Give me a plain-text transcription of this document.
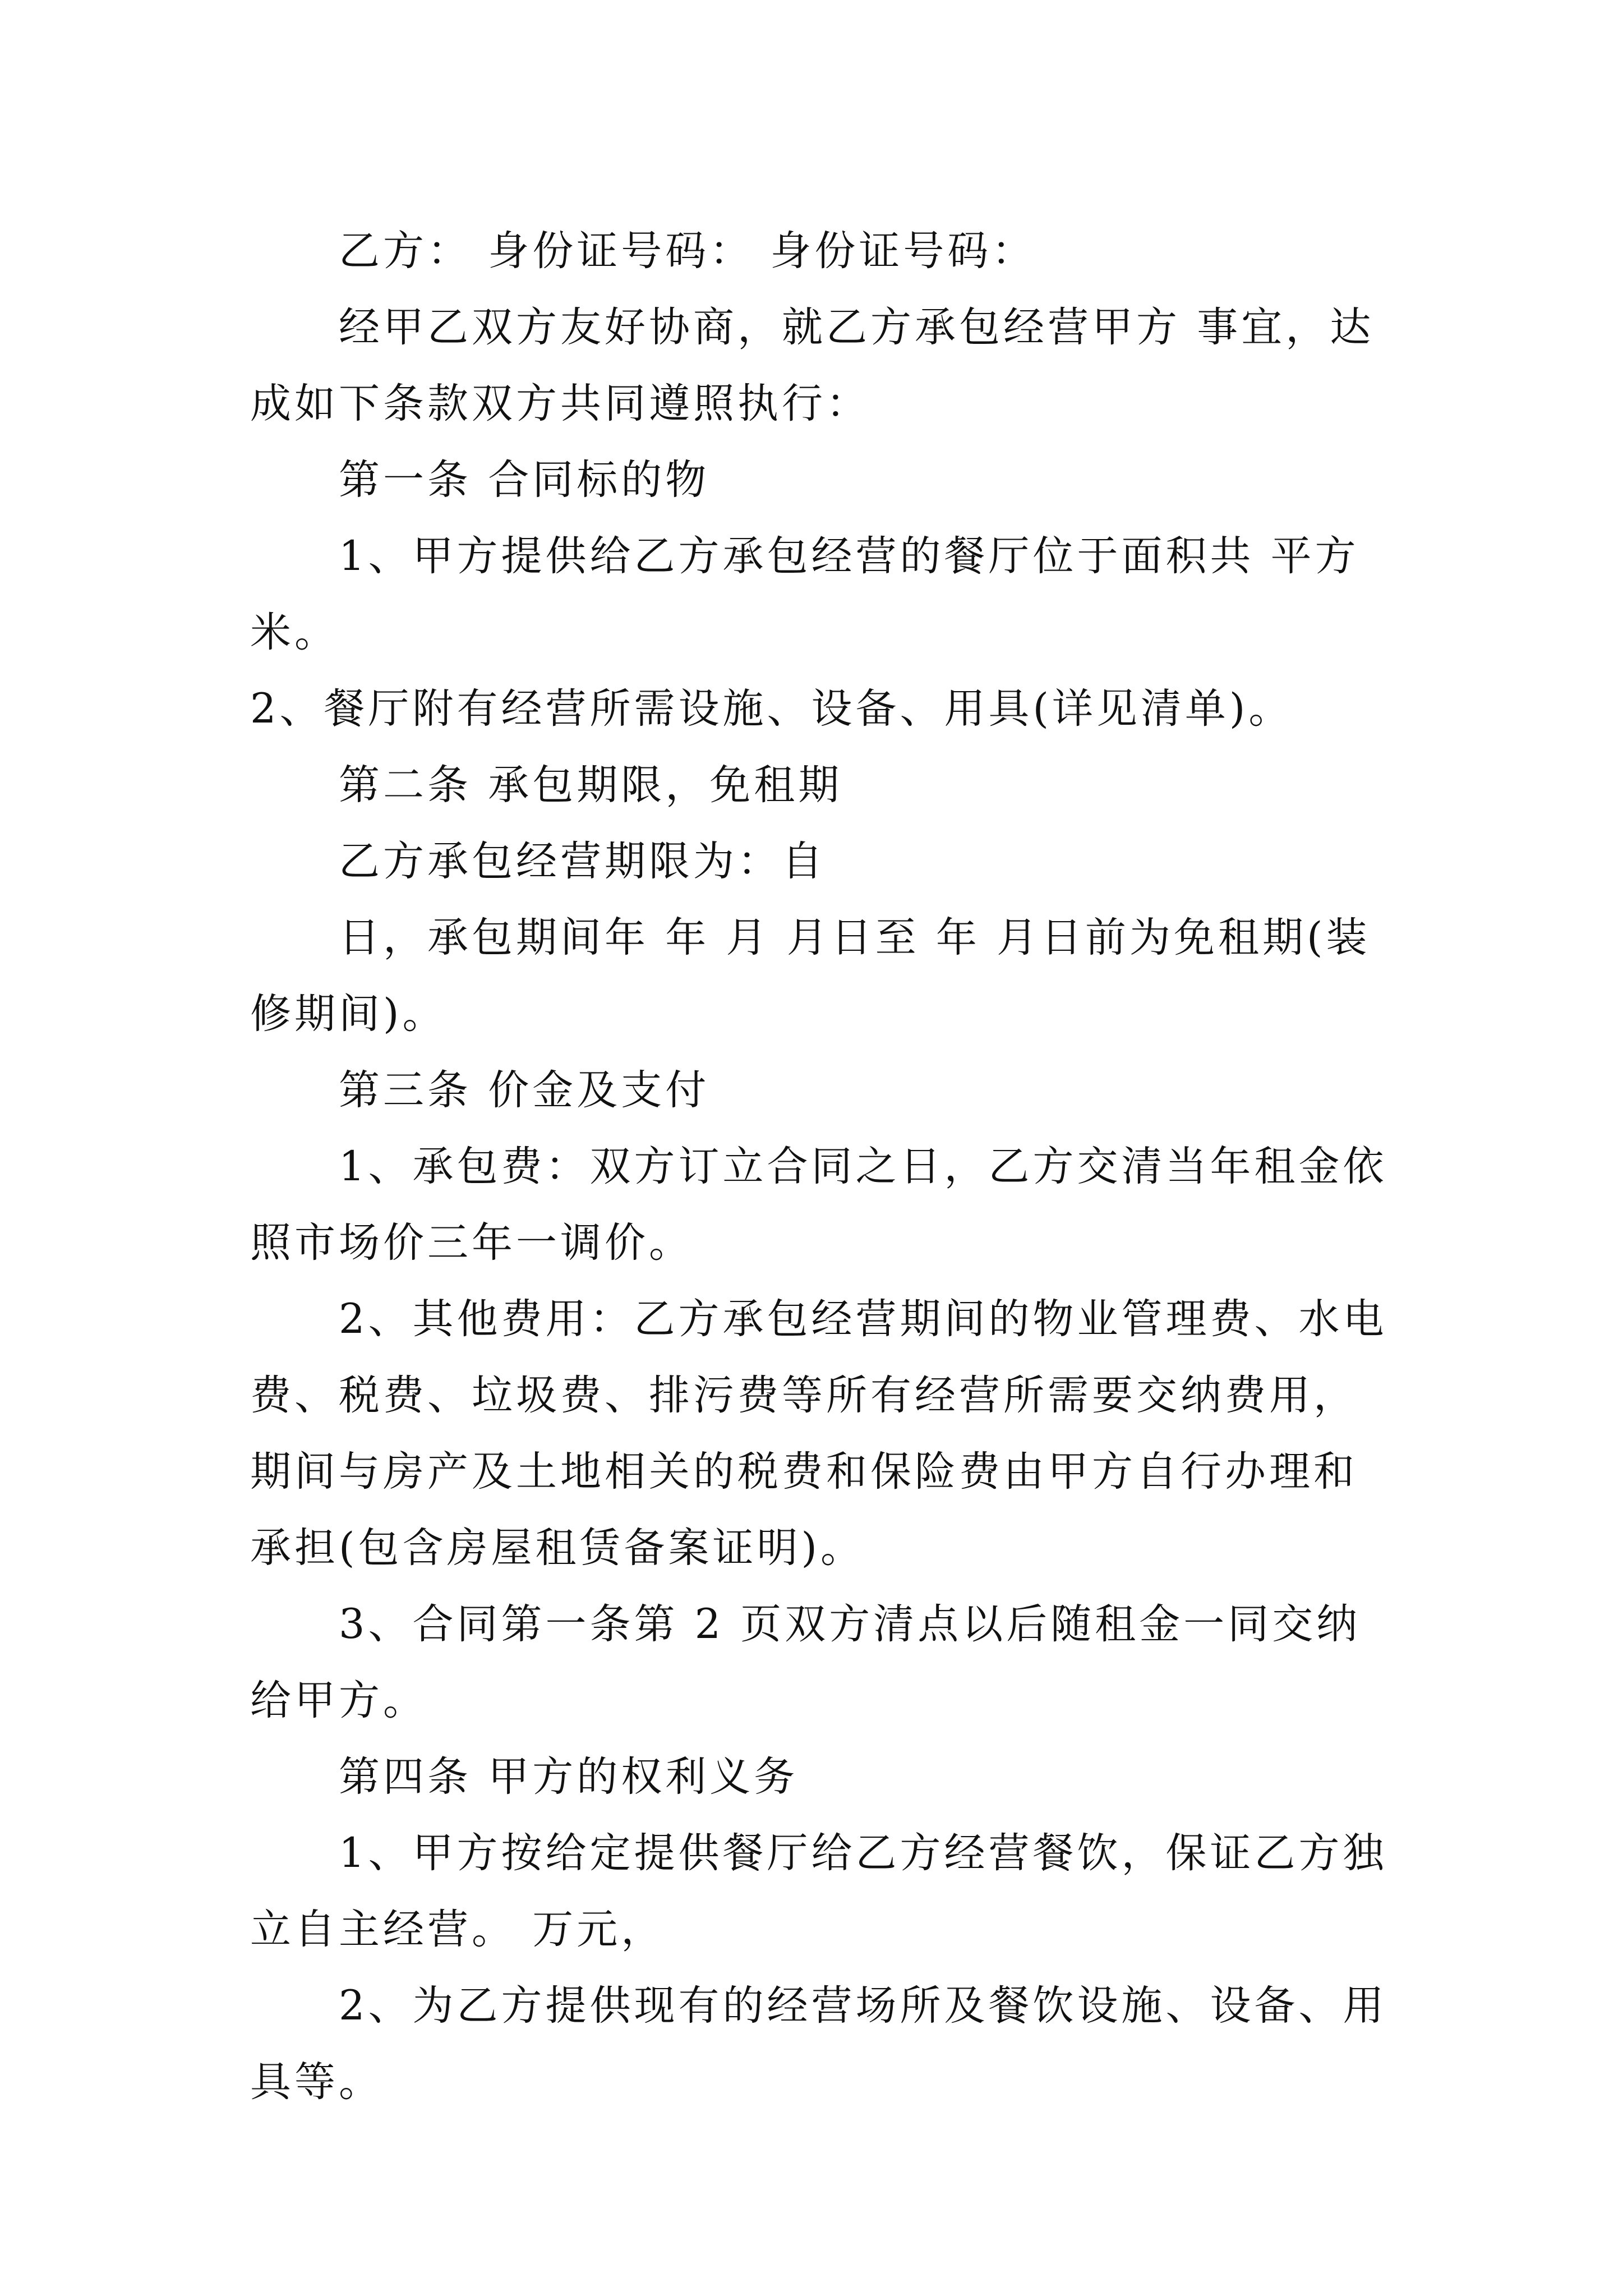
乙方： 身份证号码： 身份证号码：

经甲乙双方友好协商，就乙方承包经营甲方 事宜，达成如下条款双方共同遵照执行：

第一条 合同标的物

1、甲方提供给乙方承包经营的餐厅位于面积共 平方米。

2、餐厅附有经营所需设施、设备、用具(详见清单)。

第二条 承包期限，免租期

乙方承包经营期限为：自

日，承包期间年 年 月 月日至 年 月日前为免租期(装修期间)。

第三条 价金及支付

1、承包费：双方订立合同之日，乙方交清当年租金依照市场价三年一调价。

2、其他费用：乙方承包经营期间的物业管理费、水电费、税费、垃圾费、排污费等所有经营所需要交纳费用，期间与房产及土地相关的税费和保险费由甲方自行办理和承担(包含房屋租赁备案证明)。

3、合同第一条第 2 页双方清点以后随租金一同交纳给甲方。

第四条 甲方的权利义务

1、甲方按给定提供餐厅给乙方经营餐饮，保证乙方独立自主经营。 万元，

2、为乙方提供现有的经营场所及餐饮设施、设备、用具等。
